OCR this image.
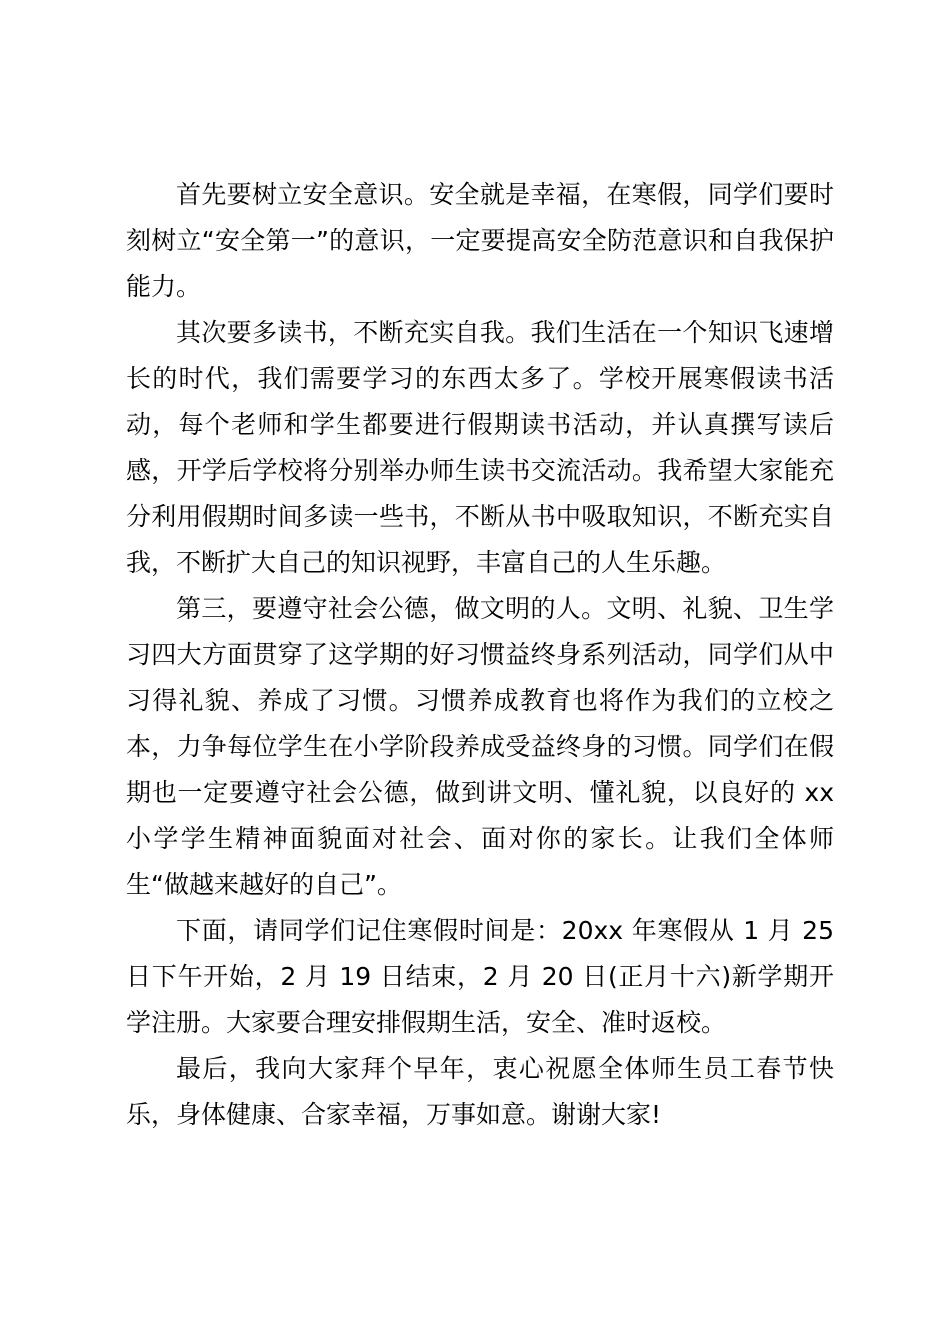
首先要树立安全意识。安全就是幸福，在寒假，同学们要时刻树立“安全第一”的意识，一定要提高安全防范意识和自我保护能力。

其次要多读书，不断充实自我。我们生活在一个知识飞速增长的时代，我们需要学习的东西太多了。学校开展寒假读书活动，每个老师和学生都要进行假期读书活动，并认真撰写读后感，开学后学校将分别举办师生读书交流活动。我希望大家能充分利用假期时间多读一些书，不断从书中吸取知识，不断充实自我，不断扩大自己的知识视野，丰富自己的人生乐趣。

第三，要遵守社会公德，做文明的人。文明、礼貌、卫生学习四大方面贯穿了这学期的好习惯益终身系列活动，同学们从中习得礼貌、养成了习惯。习惯养成教育也将作为我们的立校之本，力争每位学生在小学阶段养成受益终身的习惯。同学们在假期也一定要遵守社会公德，做到讲文明、懂礼貌，以良好的 xx 小学学生精神面貌面对社会、面对你的家长。让我们全体师生“做越来越好的自己”。

下面，请同学们记住寒假时间是：20xx 年寒假从 1 月 25 日下午开始，2 月 19 日结束，2 月 20 日(正月十六)新学期开学注册。大家要合理安排假期生活，安全、准时返校。

最后，我向大家拜个早年，衷心祝愿全体师生员工春节快乐，身体健康、合家幸福，万事如意。谢谢大家!
